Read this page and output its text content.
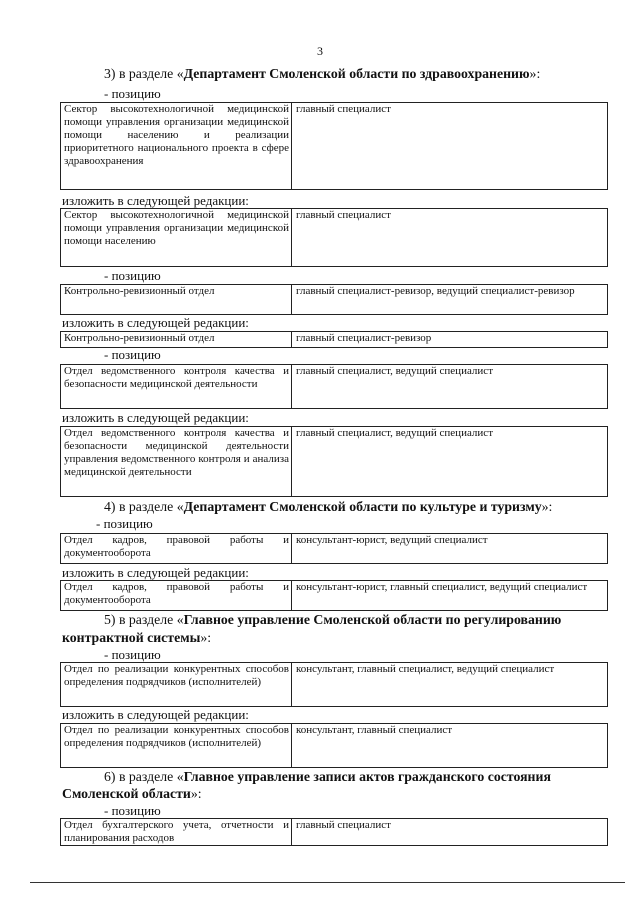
3
3) в разделе «Департамент Смоленской области по здравоохранению»:
- позицию
Сектор высокотехнологичной медицинской помощи управления организации медицинской помощи населению и реализации приоритетного национального проекта в сфере здравоохранения
главный специалист
изложить в следующей редакции:
Сектор высокотехнологичной медицинской помощи управления организации медицинской помощи населению
главный специалист
- позицию
Контрольно-ревизионный отдел	главный специалист-ревизор, ведущий специалист-ревизор
изложить в следующей редакции:
Контрольно-ревизионный отдел	главный специалист-ревизор
- позицию
Отдел ведомственного контроля качества и безопасности медицинской деятельности
главный специалист, ведущий специалист
изложить в следующей редакции:
Отдел ведомственного контроля качества и безопасности медицинской деятельности управления ведомственного контроля и анализа медицинской деятельности
главный специалист, ведущий специалист
4) в разделе «Департамент Смоленской области по культуре и туризму»:
- позицию
Отдел кадров, правовой работы и документооборота
консультант-юрист, ведущий специалист
изложить в следующей редакции:
Отдел кадров, правовой работы и документооборота
консультант-юрист, главный специалист, ведущий специалист
5) в разделе «Главное управление Смоленской области по регулированию
контрактной системы»:
- позицию
Отдел по реализации конкурентных способов определения подрядчиков (исполнителей)
консультант, главный специалист, ведущий специалист
изложить в следующей редакции:
Отдел по реализации конкурентных способов определения подрядчиков (исполнителей)
консультант, главный специалист
6) в разделе «Главное управление записи актов гражданского состояния
Смоленской области»:
- позицию
Отдел бухгалтерского учета, отчетности и планирования расходов
главный специалист
